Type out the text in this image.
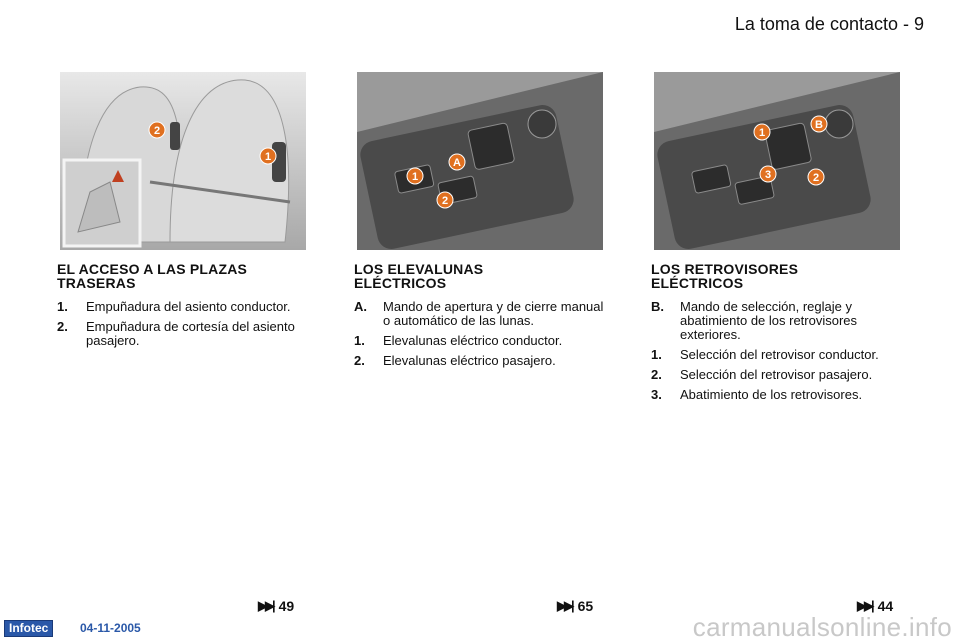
La toma de contacto - 9
2
1
1
A
2
1
B
3	2
EL ACCESO A LAS PLAZAS
TRASERAS
1.	Empuñadura del asiento conductor.
2.	Empuñadura de cortesía del asiento pasajero.
LOS ELEVALUNAS
ELÉCTRICOS
A.	Mando de apertura y de cierre manual o automático de las lunas.
1.	Elevalunas eléctrico conductor.
2.	Elevalunas eléctrico pasajero.
LOS RETROVISORES
ELÉCTRICOS
B.	Mando de selección, reglaje y abatimiento de los retrovisores exteriores.
1.	Selección del retrovisor conductor.
2.	Selección del retrovisor pasajero.
3.	Abatimiento de los retrovisores.
▶▶| 49	▶▶| 65	▶▶| 44
Infotec	04-11-2005	carmanualsonline.info
